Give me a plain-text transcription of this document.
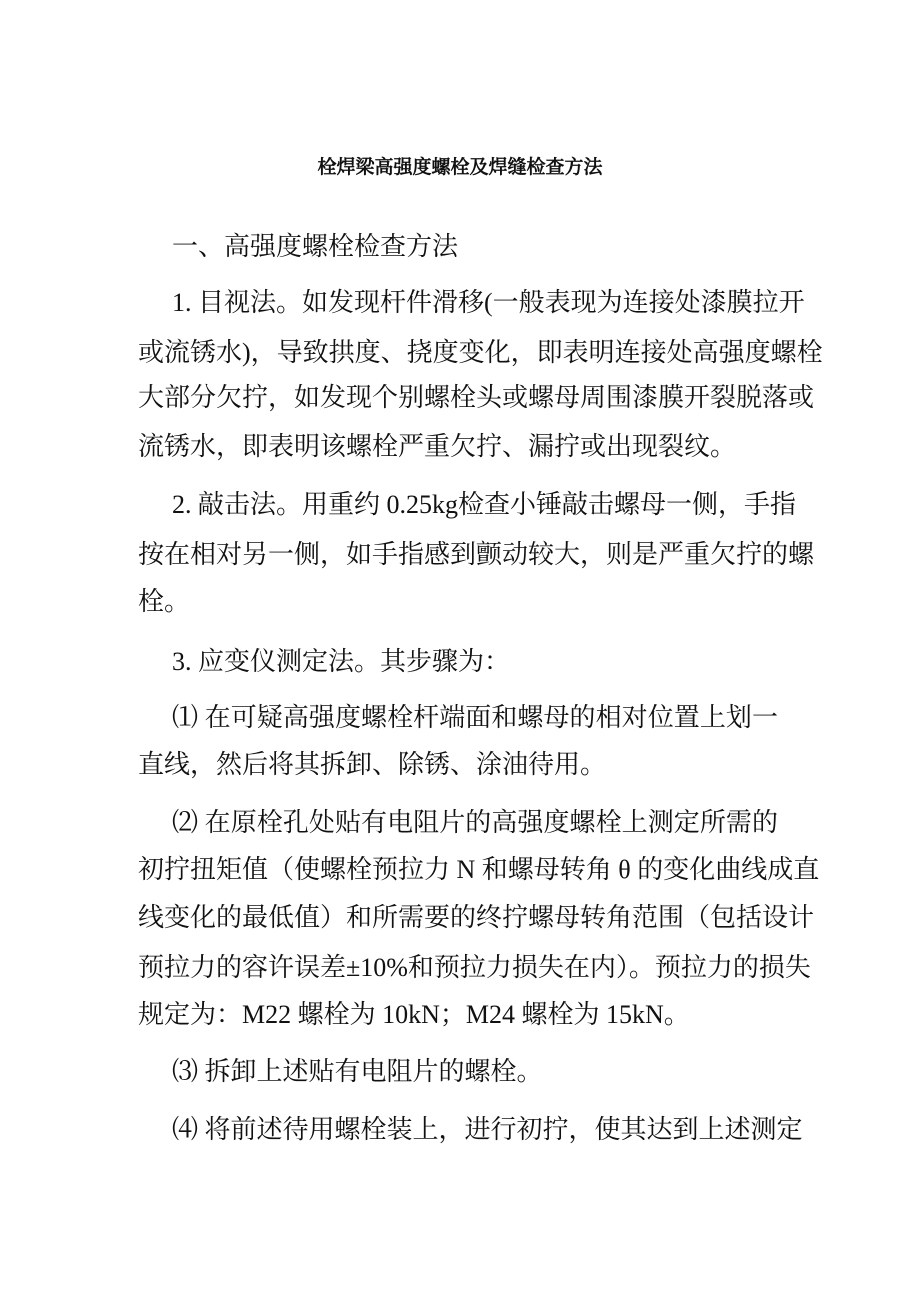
栓焊梁高强度螺栓及焊缝检查方法
一、高强度螺栓检查方法
1. 目视法。如发现杆件滑移(一般表现为连接处漆膜拉开
或流锈水)，导致拱度、挠度变化，即表明连接处高强度螺栓
大部分欠拧，如发现个别螺栓头或螺母周围漆膜开裂脱落或
流锈水，即表明该螺栓严重欠拧、漏拧或出现裂纹。
2. 敲击法。用重约 0.25kg检查小锤敲击螺母一侧，手指
按在相对另一侧，如手指感到颤动较大，则是严重欠拧的螺
栓。
3. 应变仪测定法。其步骤为：
⑴ 在可疑高强度螺栓杆端面和螺母的相对位置上划一
直线，然后将其拆卸、除锈、涂油待用。
⑵ 在原栓孔处贴有电阻片的高强度螺栓上测定所需的
初拧扭矩值（使螺栓预拉力 N 和螺母转角 θ 的变化曲线成直
线变化的最低值）和所需要的终拧螺母转角范围（包括设计
预拉力的容许误差±10%和预拉力损失在内）。预拉力的损失
规定为：M22 螺栓为 10kN；M24 螺栓为 15kN。
⑶ 拆卸上述贴有电阻片的螺栓。
⑷ 将前述待用螺栓装上，进行初拧，使其达到上述测定
